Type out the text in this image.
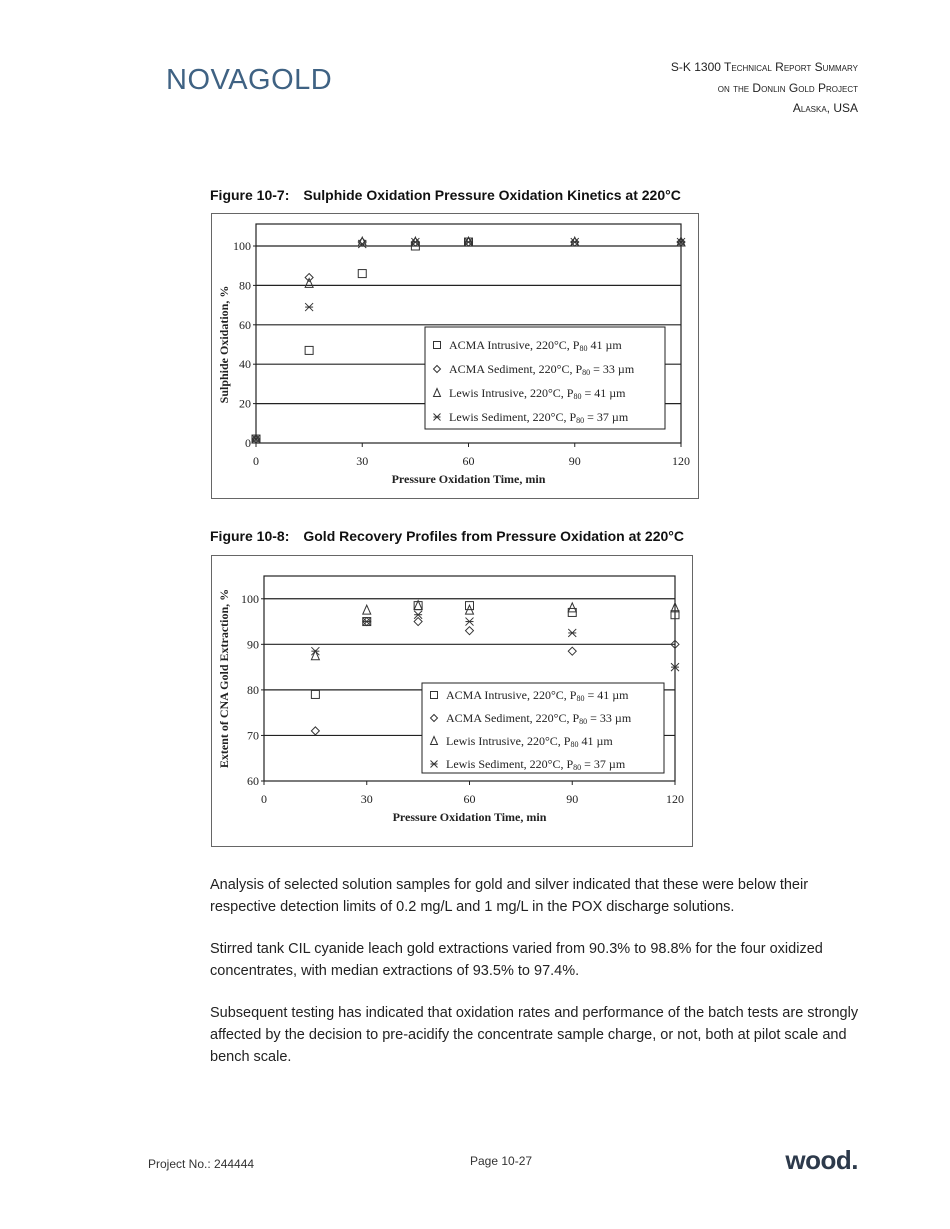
NOVAGOLD	S-K 1300 Technical Report Summary
on the Donlin Gold Project
Alaska, USA
Figure 10-7: Sulphide Oxidation Pressure Oxidation Kinetics at 220°C
0
20
40
60
80
100
0	30	60	90	120
Pressure Oxidation Time, min
Sulphide Oxidation, %	ACMA Intrusive, 220°C, P80 41 µm
ACMA Sediment, 220°C, P80 = 33 µm
Lewis Intrusive, 220°C, P80 = 41 µm
Lewis Sediment, 220°C, P80 = 37 µm
Figure 10-8: Gold Recovery Profiles from Pressure Oxidation at 220°C
60
70
80
90
100
0	30	60	90	120
Pressure Oxidation Time, min
Extent of CNA Gold Extraction, %	ACMA Intrusive, 220°C, P80 = 41 µm
ACMA Sediment, 220°C, P80 = 33 µm
Lewis Intrusive, 220°C, P80 41 µm
Lewis Sediment, 220°C, P80 = 37 µm

Analysis of selected solution samples for gold and silver indicated that these were below their respective detection limits of 0.2 mg/L and 1 mg/L in the POX discharge solutions.

Stirred tank CIL cyanide leach gold extractions varied from 90.3% to 98.8% for the four oxidized concentrates, with median extractions of 93.5% to 97.4%.

Subsequent testing has indicated that oxidation rates and performance of the batch tests are strongly affected by the decision to pre-acidify the concentrate sample charge, or not, both at pilot scale and bench scale.

Project No.: 244444	Page 10-27	wood.
